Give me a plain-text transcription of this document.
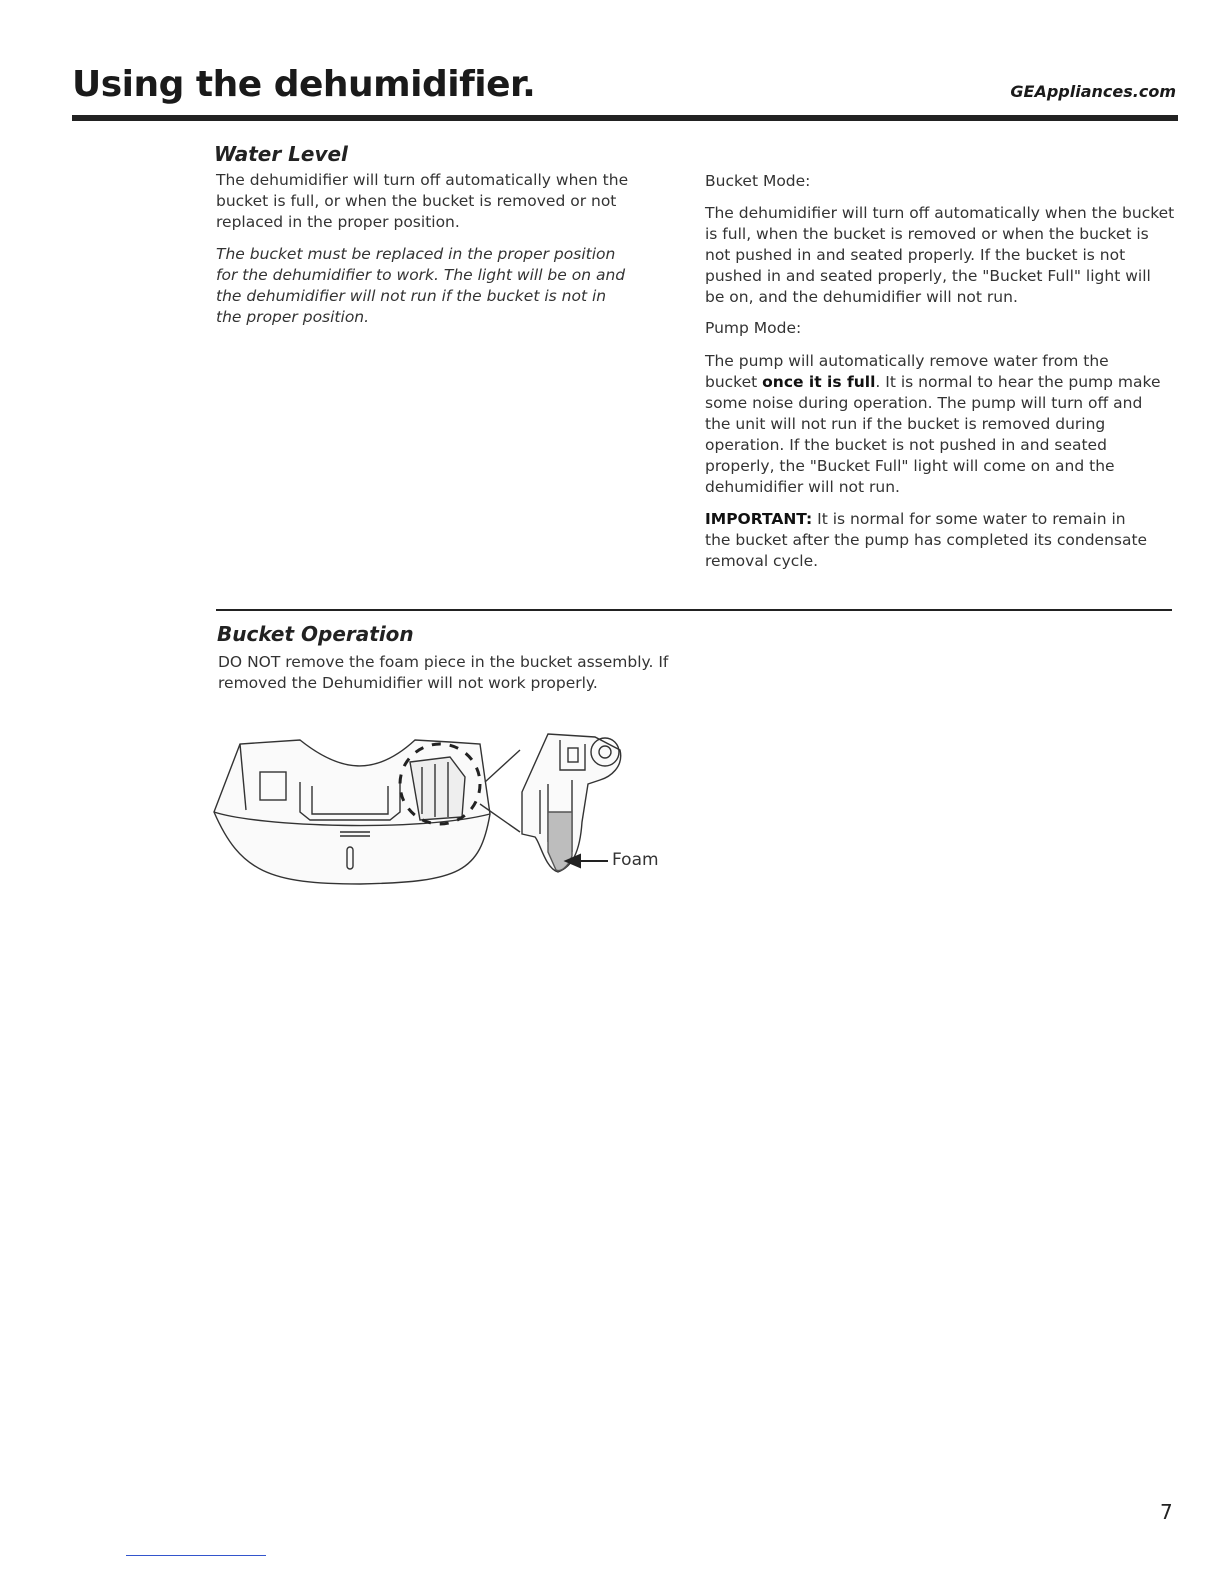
Using the dehumidifier.	GEAppliances.com
Water Level

The dehumidifier will turn off automatically when the bucket is full, or when the bucket is removed or not replaced in the proper position.

The bucket must be replaced in the proper position for the dehumidifier to work. The light will be on and the dehumidifier will not run if the bucket is not in the proper position.

Bucket Mode:

The dehumidifier will turn off automatically when the bucket is full, when the bucket is removed or when the bucket is not pushed in and seated properly. If the bucket is not pushed in and seated properly, the "Bucket Full" light will be on, and the dehumidifier will not run.

Pump Mode:

The pump will automatically remove water from the bucket once it is full. It is normal to hear the pump make some noise during operation. The pump will turn off and the unit will not run if the bucket is removed during operation. If the bucket is not pushed in and seated properly, the "Bucket Full" light will come on and the dehumidifier will not run.

IMPORTANT: It is normal for some water to remain in the bucket after the pump has completed its condensate removal cycle.

Bucket Operation

DO NOT remove the foam piece in the bucket assembly. If removed the Dehumidifier will not work properly.

Foam
7
